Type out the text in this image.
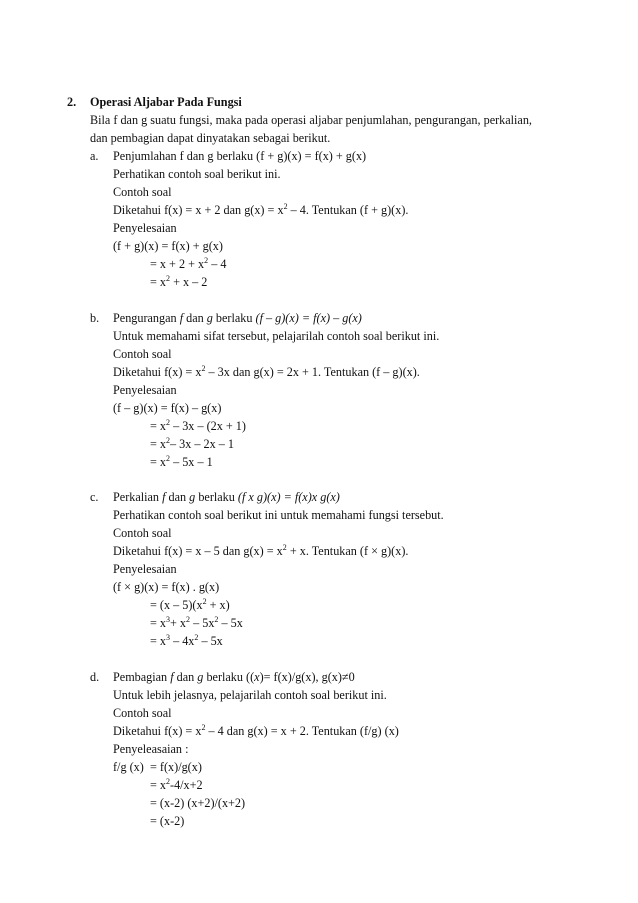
2. Operasi Aljabar Pada Fungsi
Bila f dan g suatu fungsi, maka pada operasi aljabar penjumlahan, pengurangan, perkalian,
dan pembagian dapat dinyatakan sebagai berikut.
a. Penjumlahan f dan g berlaku (f + g)(x) = f(x) + g(x)
Perhatikan contoh soal berikut ini.
Contoh soal
Diketahui f(x) = x + 2 dan $g(x) = x^2 - 4$. Tentukan (f + g)(x).
Penyelesaian
(f + g)(x) = f(x) + g(x)
= $x + 2 + x^2 - 4$
= $x^2 + x - 2$
b. Pengurangan f dan g berlaku (f – g)(x) = f(x) – g(x)
Untuk memahami sifat tersebut, pelajarilah contoh soal berikut ini.
Contoh soal
Diketahui $f(x) = x^2 - 3x$ dan g(x) = 2x + 1. Tentukan (f – g)(x).
Penyelesaian
(f – g)(x) = f(x) – g(x)
= $x^2 - 3x - (2x + 1)$
= $x^2-$ 3x – 2x – 1
= $x^2 - 5x - 1$
c. Perkalian f dan g berlaku (f x g)(x) = f(x)x g(x)
Perhatikan contoh soal berikut ini untuk memahami fungsi tersebut.
Contoh soal
Diketahui f(x) = x – 5 dan $g(x) = x^2 + x$. Tentukan (f × g)(x).
Penyelesaian
(f × g)(x) = f(x) . g(x)
= $(x - 5)(x^2 + x)$
= $x^3+ x^2 - 5x^2 - 5x$
= $x^3 - 4x^2 - 5x$
d. Pembagian f dan g berlaku ((x)= f(x)/g(x), g(x)≠0
Untuk lebih jelasnya, pelajarilah contoh soal berikut ini.
Contoh soal
Diketahui $f(x) = x^2 - 4$ dan g(x) = x + 2. Tentukan (f/g) (x)
Penyeleasaian :
f/g (x) = f(x)/g(x)
= $x^2-4/x+2$
= (x-2) (x+2)/(x+2)
= (x-2)
